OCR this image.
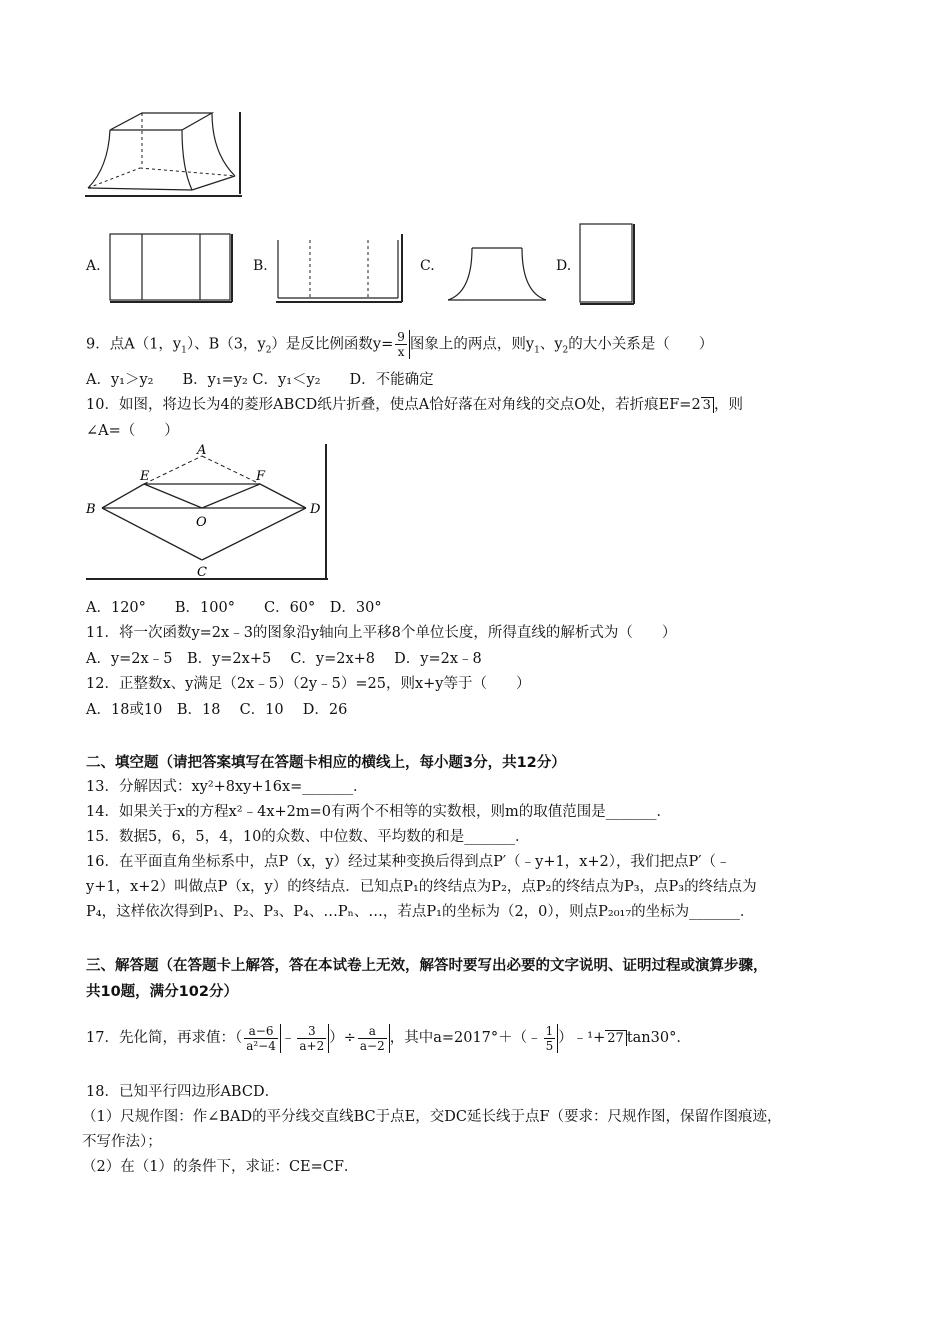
A.	B.	C.	D.
9．点A（1，$y_1$）、B（3，$y_2$）是反比例函数$y= \frac{9}{x}$ 图象上的两点，则$y_1$、$y_2$的大小关系是（　　）
A．y₁＞y₂　　B．y₁=y₂ C．y₁＜y₂　　D．不能确定
10．如图，将边长为4的菱形ABCD纸片折叠，使点A恰好落在对角线的交点O处，若折痕EF=2 3 ，则
∠A=（　　）
A
E	F
B
O
D
C
A．120°　　B．100°　　C．60°　D．30°
11．将一次函数y=2x﹣3的图象沿y轴向上平移8个单位长度，所得直线的解析式为（　　）
A．y=2x﹣5　B．y=2x+5　 C．y=2x+8　 D．y=2x﹣8
12．正整数x、y满足（2x﹣5）（2y﹣5）=25，则x+y等于（　　）
A．18或10　B．18　 C．10　 D．26
二、填空题（请把答案填写在答题卡相应的横线上，每小题3分，共12分）
13．分解因式：xy²+8xy+16x=_______．
14．如果关于x的方程x²﹣4x+2m=0有两个不相等的实数根，则m的取值范围是_______．
15．数据5，6，5，4，10的众数、中位数、平均数的和是_______．
16．在平面直角坐标系中，点P（x，y）经过某种变换后得到点P′（﹣y+1，x+2），我们把点P′（﹣
y+1，x+2）叫做点P（x，y）的终结点．已知点P₁的终结点为P₂，点P₂的终结点为P₃，点P₃的终结点为
P₄，这样依次得到P₁、P₂、P₃、P₄、…Pₙ、…，若点P₁的坐标为（2，0），则点P₂₀₁₇的坐标为_______．
三、解答题（在答题卡上解答，答在本试卷上无效，解答时要写出必要的文字说明、证明过程或演算步骤，
共10题，满分102分）
17．先化简，再求值：（ $\frac{a-6}{\text{a²−4}}$ ﹣ $\frac{3}{a+2}$ ）÷ $\frac{a}{a-2}$ ，其中a=2017°＋（﹣ $\frac{1}{5}$ ）﹣¹+ 27 tan30°．
18．已知平行四边形ABCD．
（1）尺规作图：作∠BAD的平分线交直线BC于点E，交DC延长线于点F（要求：尺规作图，保留作图痕迹，
不写作法）；
（2）在（1）的条件下，求证：CE=CF．
